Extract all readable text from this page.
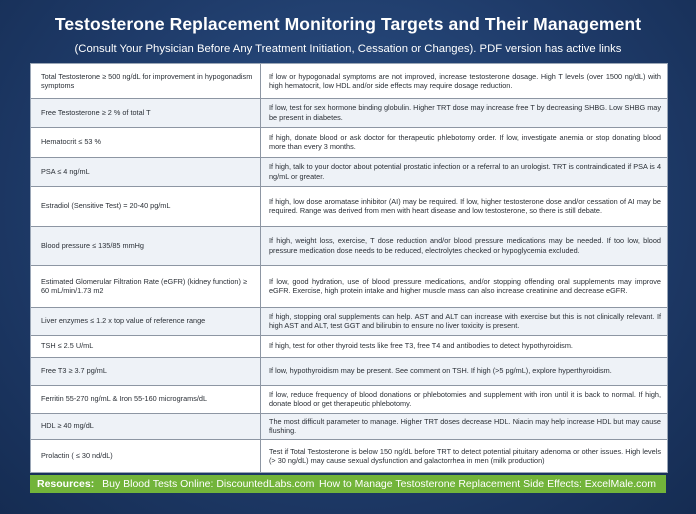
Testosterone Replacement Monitoring Targets and Their Management
(Consult Your Physician Before Any Treatment Initiation, Cessation or Changes). PDF version has active links
Total Testosterone ≥ 500 ng/dL for improvement in hypogonadism symptoms	If low or hypogonadal symptoms are not improved, increase testosterone dosage. High T levels (over 1500 ng/dL) with high hematocrit, low HDL and/or side effects may require dosage reduction.
Free Testosterone ≥ 2 % of total T	If low, test for sex hormone binding globulin. Higher TRT dose may increase free T by decreasing SHBG. Low SHBG may be present in diabetes.
Hematocrit ≤ 53 %	If high, donate blood or ask doctor for therapeutic phlebotomy order. If low, investigate anemia or stop donating blood more than every 3 months.
PSA ≤ 4 ng/mL	If high, talk to your doctor about potential prostatic infection or a referral to an urologist. TRT is contraindicated if PSA is 4 ng/mL or greater.
Estradiol (Sensitive Test) = 20-40 pg/mL	If high, low dose aromatase inhibitor (AI) may be required. If low, higher testosterone dose and/or cessation of AI may be required. Range was derived from men with heart disease and low testosterone, so there is still debate.
Blood pressure ≤ 135/85 mmHg	If high, weight loss, exercise, T dose reduction and/or blood pressure medications may be needed. If too low, blood pressure medication dose needs to be reduced, electrolytes checked or hypoglycemia excluded.
Estimated Glomerular Filtration Rate (eGFR) (kidney function) ≥ 60 mL/min/1.73 m2	If low, good hydration, use of blood pressure medications, and/or stopping offending oral supplements may improve eGFR. Exercise, high protein intake and higher muscle mass can also increase creatinine and decrease eGFR.
Liver enzymes ≤ 1.2 x top value of reference range	If high, stopping oral supplements can help. AST and ALT can increase with exercise but this is not clinically relevant. If high AST and ALT, test GGT and bilirubin to ensure no liver toxicity is present.
TSH ≤ 2.5 U/mL	If high, test for other thyroid tests like free T3, free T4 and antibodies to detect hypothyroidism.
Free T3 ≥ 3.7 pg/mL	If low, hypothyroidism may be present. See comment on TSH. If high (>5 pg/mL), explore hyperthyroidism.
Ferritin 55-270 ng/mL & Iron 55-160 micrograms/dL	If low, reduce frequency of blood donations or phlebotomies and supplement with iron until it is back to normal. If high, donate blood or get therapeutic phlebotomy.
HDL ≥ 40 mg/dL	The most difficult parameter to manage. Higher TRT doses decrease HDL. Niacin may help increase HDL but may cause flushing.
Prolactin ( ≤ 30 nd/dL)	Test if Total Testosterone is below 150 ng/dL before TRT to detect potential pituitary adenoma or other issues. High levels (> 30 ng/dL) may cause sexual dysfunction and galactorrhea in men (milk production)
Resources: Buy Blood Tests Online: DiscountedLabs.com How to Manage Testosterone Replacement Side Effects: ExcelMale.com
